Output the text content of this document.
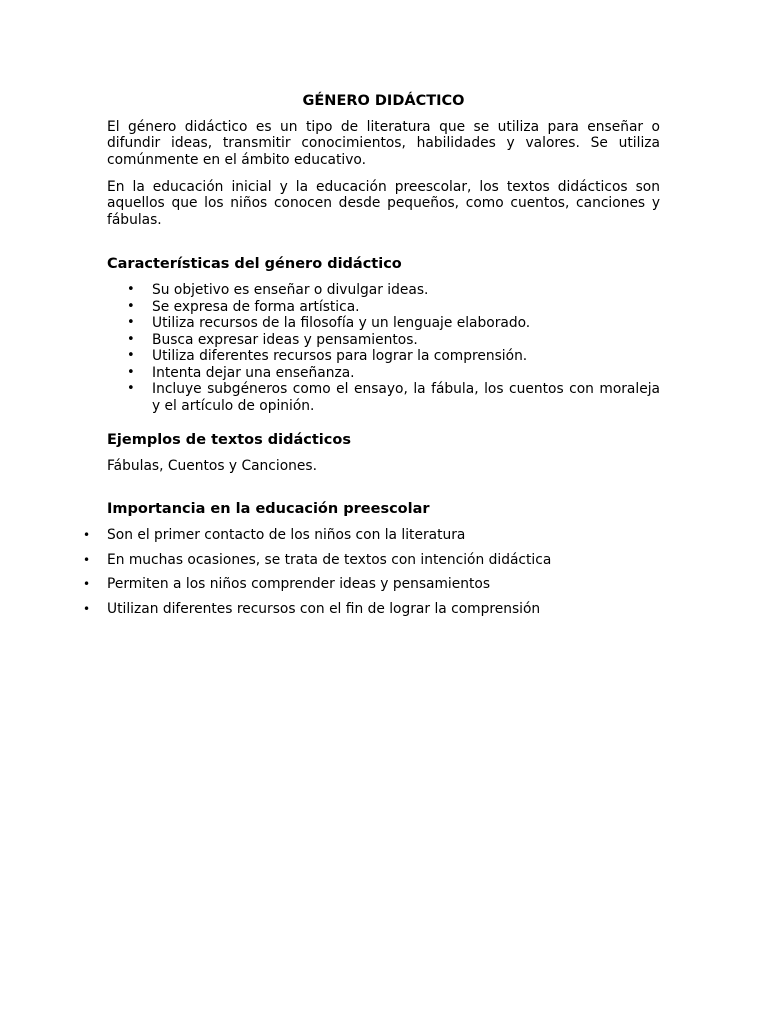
GÉNERO DIDÁCTICO

El género didáctico es un tipo de literatura que se utiliza para enseñar o difundir ideas, transmitir conocimientos, habilidades y valores. Se utiliza comúnmente en el ámbito educativo.

En la educación inicial y la educación preescolar, los textos didácticos son aquellos que los niños conocen desde pequeños, como cuentos, canciones y fábulas.

Características del género didáctico
• Su objetivo es enseñar o divulgar ideas.
• Se expresa de forma artística.
• Utiliza recursos de la filosofía y un lenguaje elaborado.
• Busca expresar ideas y pensamientos.
• Utiliza diferentes recursos para lograr la comprensión.
• Intenta dejar una enseñanza.
• Incluye subgéneros como el ensayo, la fábula, los cuentos con moraleja y el artículo de opinión.
Ejemplos de textos didácticos
Fábulas, Cuentos y Canciones.
Importancia en la educación preescolar
• Son el primer contacto de los niños con la literatura
• En muchas ocasiones, se trata de textos con intención didáctica
• Permiten a los niños comprender ideas y pensamientos
• Utilizan diferentes recursos con el fin de lograr la comprensión
